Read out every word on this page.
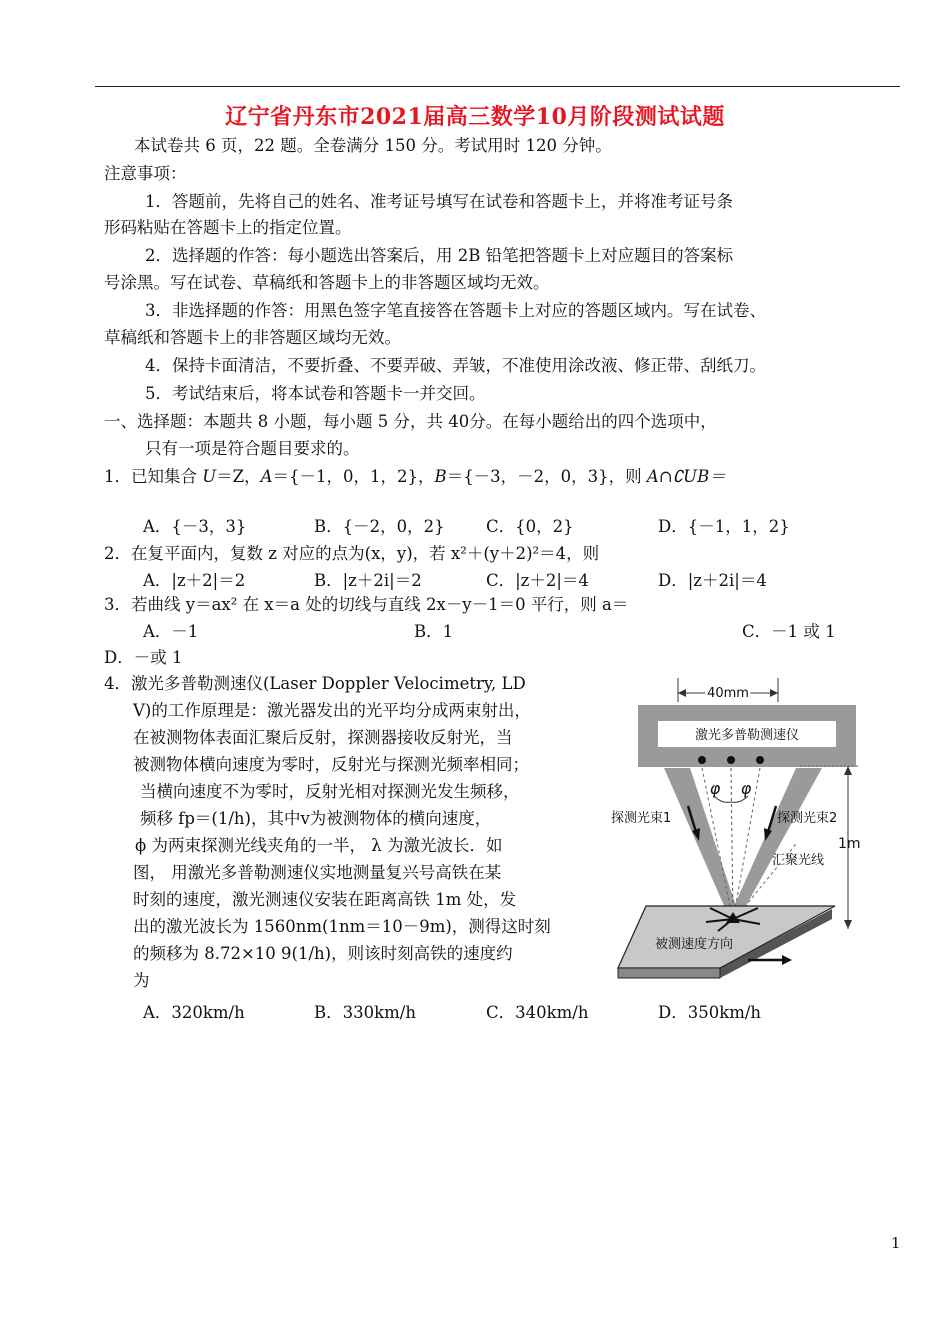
辽宁省丹东市2021届高三数学10月阶段测试试题
本试卷共 6 页，22 题。全卷满分 150 分。考试用时 120 分钟。
注意事项：
1．答题前，先将自己的姓名、准考证号填写在试卷和答题卡上，并将准考证号条
形码粘贴在答题卡上的指定位置。
2．选择题的作答：每小题选出答案后，用 2B 铅笔把答题卡上对应题目的答案标
号涂黑。写在试卷、草稿纸和答题卡上的非答题区域均无效。
3．非选择题的作答：用黑色签字笔直接答在答题卡上对应的答题区域内。写在试卷、
草稿纸和答题卡上的非答题区域均无效。
4．保持卡面清洁，不要折叠、不要弄破、弄皱，不准使用涂改液、修正带、刮纸刀。
5．考试结束后，将本试卷和答题卡一并交回。
一、选择题：本题共 8 小题，每小题 5 分，共 40分。在每小题给出的四个选项中，
只有一项是符合题目要求的。
1．已知集合 U＝Z，A＝{－1，0，1，2}，B＝{－3，－2，0，3}，则 A∩∁UB＝
A．{－3，3}	B．{－2，0，2}	C．{0，2}	D．{－1，1，2}
2．在复平面内，复数 z 对应的点为(x，y)，若 x²＋(y＋2)²＝4，则
A．|z＋2|＝2	B．|z＋2i|＝2	C．|z＋2|＝4	D．|z＋2i|＝4
3．若曲线 y＝ax² 在 x＝a 处的切线与直线 2x－y－1＝0 平行，则 a＝
A．－1	B．1	C．－1 或 1
D．－或 1
4．激光多普勒测速仪(Laser Doppler Velocimetry, LD
V)的工作原理是：激光器发出的光平均分成两束射出，
在被测物体表面汇聚后反射，探测器接收反射光，当
被测物体横向速度为零时，反射光与探测光频率相同；
当横向速度不为零时，反射光相对探测光发生频移，
频移 fp＝(1/h)，其中v为被测物体的横向速度，
ϕ 为两束探测光线夹角的一半， λ 为激光波长．如
图， 用激光多普勒测速仪实地测量复兴号高铁在某
时刻的速度，激光测速仪安装在距离高铁 1m 处，发
出的激光波长为 1560nm(1nm＝10－9m)，测得这时刻
的频移为 8.72×10 9(1/h)，则该时刻高铁的速度约
为
A．320km/h	B．330km/h	C．340km/h	D．350km/h
40mm
激光多普勒测速仪
φ φ
探测光束1	探测光束2
汇聚光线
1m
被测速度方向
1
